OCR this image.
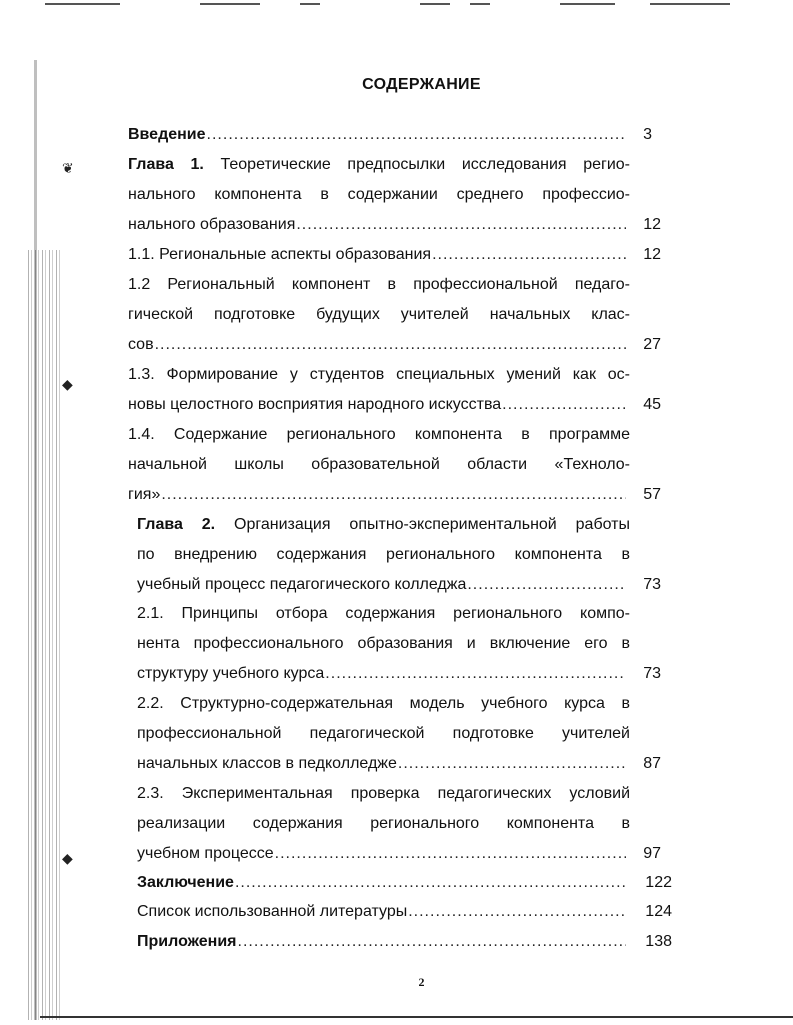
❦
◆
◆
СОДЕРЖАНИЕ
3
Введение
.....
Глава 1. Теоретические предпосылки исследования регио-
нального компонента в содержании среднего профессио-
12
нального образования
.....
12
1.1. Региональные аспекты образования
.....
1.2 Региональный компонент в профессиональной педаго-
гической подготовке будущих учителей начальных клас-
27
сов
.....
1.3. Формирование у студентов специальных умений как ос-
45
новы целостного восприятия народного искусства
.....
1.4. Содержание регионального компонента в программе
начальной школы образовательной области «Техноло-
57
гия»
.....
Глава 2. Организация опытно-экспериментальной работы
по внедрению содержания регионального компонента в
73
учебный процесс педагогического колледжа
.....
2.1. Принципы отбора содержания регионального компо-
нента профессионального образования и включение его в
73
структуру учебного курса
.....
2.2. Структурно-содержательная модель учебного курса в
профессиональной педагогической подготовке учителей
87
начальных классов в педколледже
.....
2.3. Экспериментальная проверка педагогических условий
реализации содержания регионального компонента в
97
учебном процессе
.....
122
Заключение
.....
124
Список использованной литературы
.....
138
Приложения
.....
2
